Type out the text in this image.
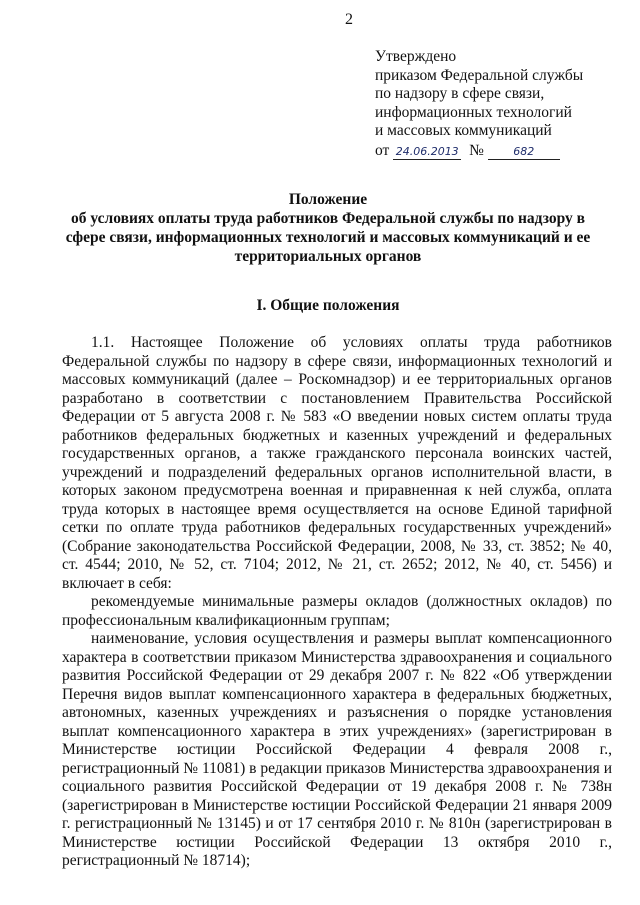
2
Утверждено
приказом Федеральной службы
по надзору в сфере связи,
информационных технологий
и массовых коммуникаций
от 24.06.2013 №	682
Положение
об условиях оплаты труда работников Федеральной службы по надзору в сфере связи, информационных технологий и массовых коммуникаций и ее территориальных органов
I. Общие положения

1.1. Настоящее Положение об условиях оплаты труда работников Федеральной службы по надзору в сфере связи, информационных технологий и массовых коммуникаций (далее – Роскомнадзор) и ее территориальных органов разработано в соответствии с постановлением Правительства Российской Федерации от 5 августа 2008 г. № 583 «О введении новых систем оплаты труда работников федеральных бюджетных и казенных учреждений и федеральных государственных органов, а также гражданского персонала воинских частей, учреждений и подразделений федеральных органов исполнительной власти, в которых законом предусмотрена военная и приравненная к ней служба, оплата труда которых в настоящее время осуществляется на основе Единой тарифной сетки по оплате труда работников федеральных государственных учреждений» (Собрание законодательства Российской Федерации, 2008, № 33, ст. 3852; № 40, ст. 4544; 2010, № 52, ст. 7104; 2012, № 21, ст. 2652; 2012, № 40, ст. 5456) и включает в себя:

рекомендуемые минимальные размеры окладов (должностных окладов) по профессиональным квалификационным группам;

наименование, условия осуществления и размеры выплат компенсационного характера в соответствии приказом Министерства здравоохранения и социального развития Российской Федерации от 29 декабря 2007 г. № 822 «Об утверждении Перечня видов выплат компенсационного характера в федеральных бюджетных, автономных, казенных учреждениях и разъяснения о порядке установления выплат компенсационного характера в этих учреждениях» (зарегистрирован в Министерстве юстиции Российской Федерации 4 февраля 2008 г., регистрационный № 11081) в редакции приказов Министерства здравоохранения и социального развития Российской Федерации от 19 декабря 2008 г. № 738н (зарегистрирован в Министерстве юстиции Российской Федерации 21 января 2009 г. регистрационный № 13145) и от 17 сентября 2010 г. № 810н (зарегистрирован в Министерстве юстиции Российской Федерации 13 октября 2010 г., регистрационный № 18714);
